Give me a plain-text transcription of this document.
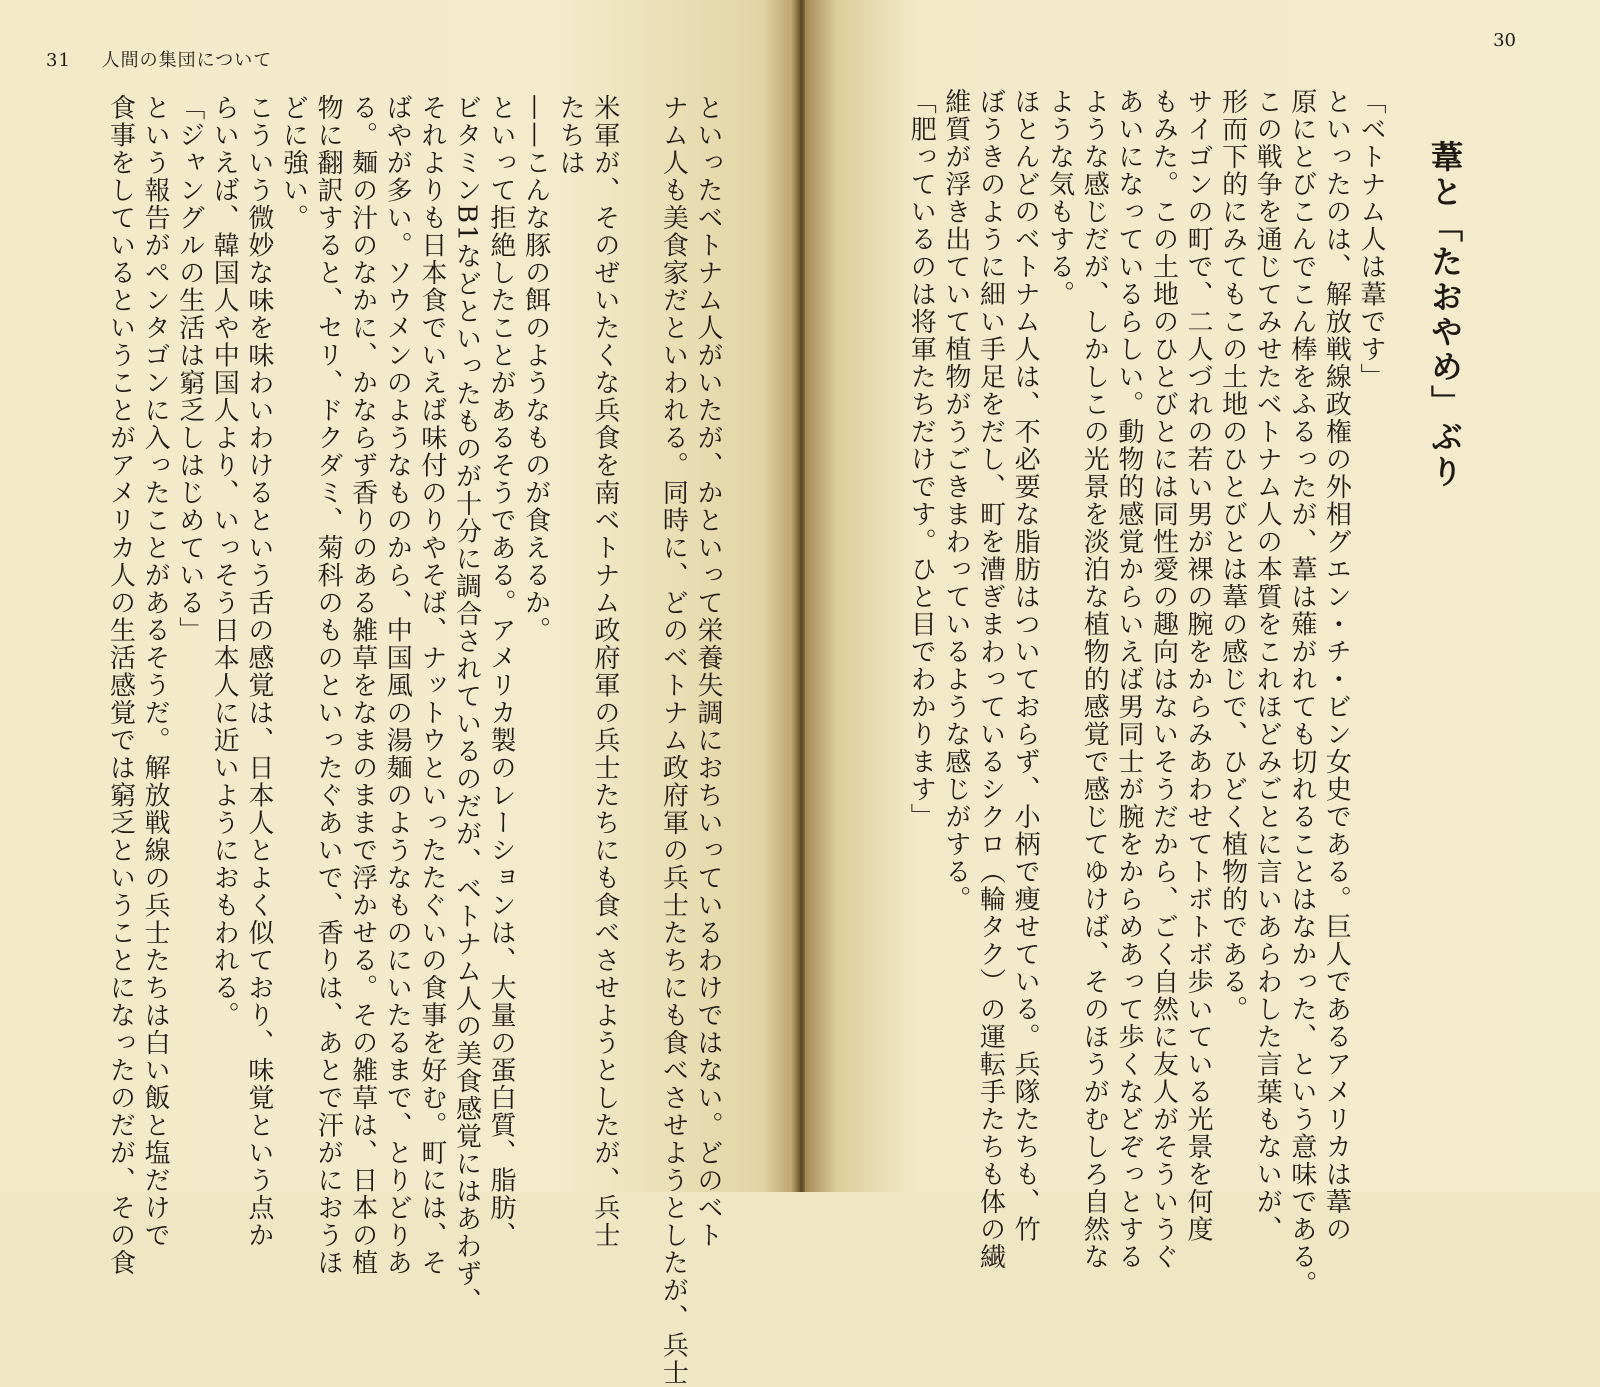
31 人間の集団について
といったベトナム人がいたが、かといって栄養失調におちいっているわけではない。どのベト
ナム人も美食家だといわれる。同時に、どのベトナム政府軍の兵士たちにも食べさせようとしたが、兵士
米軍が、そのぜいたくな兵食を南ベトナム政府軍の兵士たちにも食べさせようとしたが、兵士
たちは
——こんな豚の餌のようなものが食えるか。
といって拒絶したことがあるそうである。アメリカ製のレーションは、大量の蛋白質、脂肪、
ビタミンB1などといったものが十分に調合されているのだが、ベトナム人の美食感覚にはあわず、
それよりも日本食でいえば味付のりやそば、ナットウといったたぐいの食事を好む。町には、そ
ばやが多い。ソウメンのようなものから、中国風の湯麺のようなものにいたるまで、とりどりあ
る。麺の汁のなかに、かならず香りのある雑草をなまのままで浮かせる。その雑草は、日本の植
物に翻訳すると、セリ、ドクダミ、菊科のものといったぐあいで、香りは、あとで汗がにおうほ
どに強い。
こういう微妙な味を味わいわけるという舌の感覚は、日本人とよく似ており、味覚という点か
らいえば、韓国人や中国人より、いっそう日本人に近いようにおもわれる。
「ジャングルの生活は窮乏しはじめている」
という報告がペンタゴンに入ったことがあるそうだ。解放戦線の兵士たちは白い飯と塩だけで
食事をしているということがアメリカ人の生活感覚では窮乏ということになったのだが、その食
30
葦と「たおやめ」ぶり
「ベトナム人は葦です」
といったのは、解放戦線政権の外相グエン・チ・ビン女史である。巨人であるアメリカは葦の
原にとびこんでこん棒をふるったが、葦は薙がれても切れることはなかった、という意味である。
この戦争を通じてみせたベトナム人の本質をこれほどみごとに言いあらわした言葉もないが、
形而下的にみてもこの土地のひとびとは葦の感じで、ひどく植物的である。
サイゴンの町で、二人づれの若い男が裸の腕をからみあわせてトボトボ歩いている光景を何度
もみた。この土地のひとびとには同性愛の趣向はないそうだから、ごく自然に友人がそういうぐ
あいになっているらしい。動物的感覚からいえば男同士が腕をからめあって歩くなどぞっとする
ような感じだが、しかしこの光景を淡泊な植物的感覚で感じてゆけば、そのほうがむしろ自然な
ような気もする。
ほとんどのベトナム人は、不必要な脂肪はついておらず、小柄で痩せている。兵隊たちも、竹
ぼうきのように細い手足をだし、町を漕ぎまわっているシクロ（輪タク）の運転手たちも体の繊
維質が浮き出ていて植物がうごきまわっているような感じがする。
「肥っているのは将軍たちだけです。ひと目でわかります」
